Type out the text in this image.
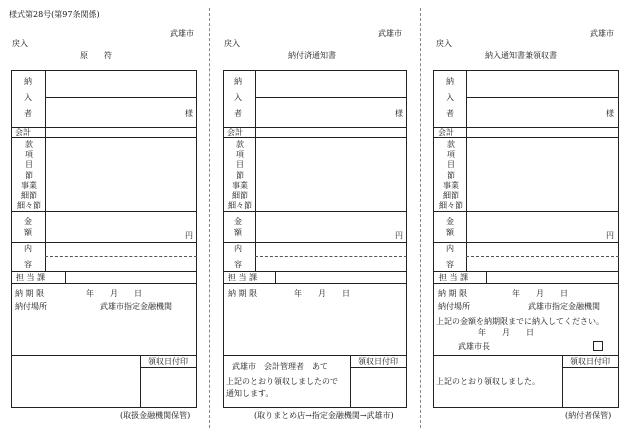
様式第28号(第97条関係)
武雄市
戻入
原　　符
納
入
者	様
会計
款
項
目
節
事業
細節
細々節
金
額	円
内
容
担 当 課
納 期 限	年　　月　　日
納付場所	武雄市指定金融機関
領収日付印
(取扱金融機関保管)
武雄市
戻入
納付済通知書
納
入
者	様
会計
款
項
目
節
事業
細節
細々節
金
額	円
内
容
担 当 課
納 期 限	年　　月　　日
武雄市　会計管理者　あて
上記のとおり領収しましたので
通知します。
領収日付印
(取りまとめ店→指定金融機関→武雄市)
武雄市
戻入
納入通知書兼領収書
納
入
者	様
会計
款
項
目
節
事業
細節
細々節
金
額	円
内
容
担 当 課
納 期 限	年　　月　　日
納付場所	武雄市指定金融機関
上記の金額を納期限までに納入してください。
年　　月　　日
武雄市長
上記のとおり領収しました。
領収日付印
(納付者保管)
